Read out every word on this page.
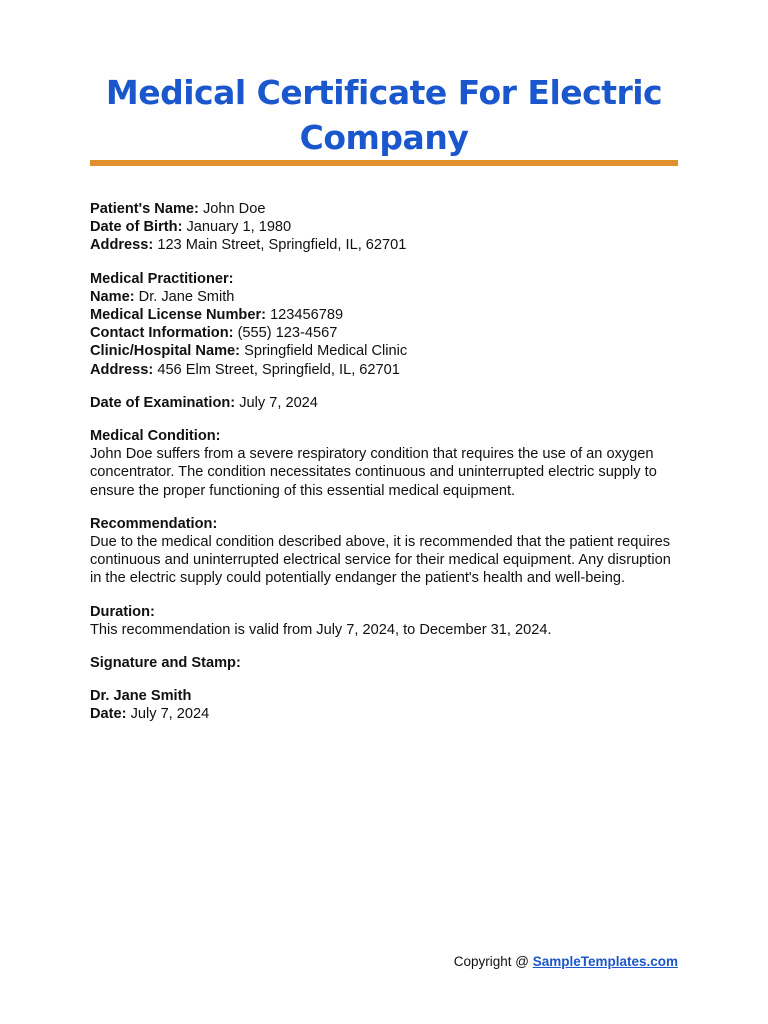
Medical Certificate For Electric Company

Patient's Name: John Doe
Date of Birth: January 1, 1980
Address: 123 Main Street, Springfield, IL, 62701

Medical Practitioner:
Name: Dr. Jane Smith
Medical License Number: 123456789
Contact Information: (555) 123-4567
Clinic/Hospital Name: Springfield Medical Clinic
Address: 456 Elm Street, Springfield, IL, 62701

Date of Examination: July 7, 2024

Medical Condition:
John Doe suffers from a severe respiratory condition that requires the use of an oxygen concentrator. The condition necessitates continuous and uninterrupted electric supply to ensure the proper functioning of this essential medical equipment.

Recommendation:
Due to the medical condition described above, it is recommended that the patient requires continuous and uninterrupted electrical service for their medical equipment. Any disruption in the electric supply could potentially endanger the patient's health and well-being.

Duration:
This recommendation is valid from July 7, 2024, to December 31, 2024.

Signature and Stamp:

Dr. Jane Smith
Date: July 7, 2024

Copyright @ SampleTemplates.com
